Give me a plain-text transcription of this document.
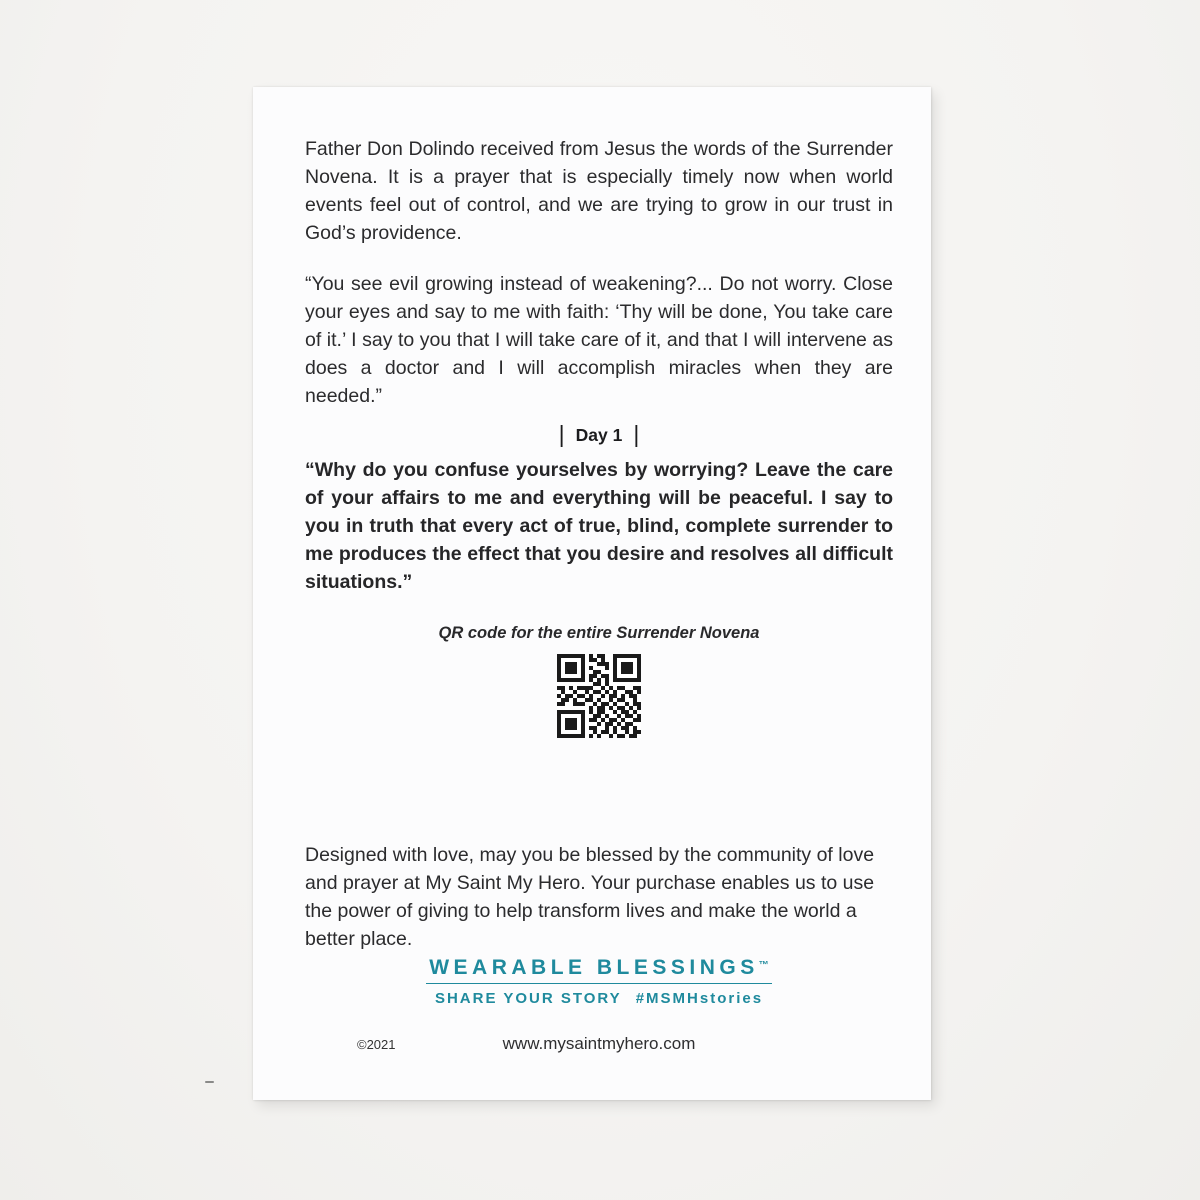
Father Don Dolindo received from Jesus the words of the Surrender Novena. It is a prayer that is especially timely now when world events feel out of control, and we are trying to grow in our trust in God’s providence.

“You see evil growing instead of weakening?... Do not worry. Close your eyes and say to me with faith: ‘Thy will be done, You take care of it.’ I say to you that I will take care of it, and that I will intervene as does a doctor and I will accomplish miracles when they are needed.”

| Day 1 |

“Why do you confuse yourselves by worrying? Leave the care of your affairs to me and everything will be peaceful. I say to you in truth that every act of true, blind, complete surrender to me produces the effect that you desire and resolves all difficult situations.”

QR code for the entire Surrender Novena

Designed with love, may you be blessed by the community of love and prayer at My Saint My Hero. Your purchase enables us to use the power of giving to help transform lives and make the world a better place.

WEARABLE BLESSINGS™
SHARE YOUR STORY #MSMHstories
©2021	www.mysaintmyhero.com
